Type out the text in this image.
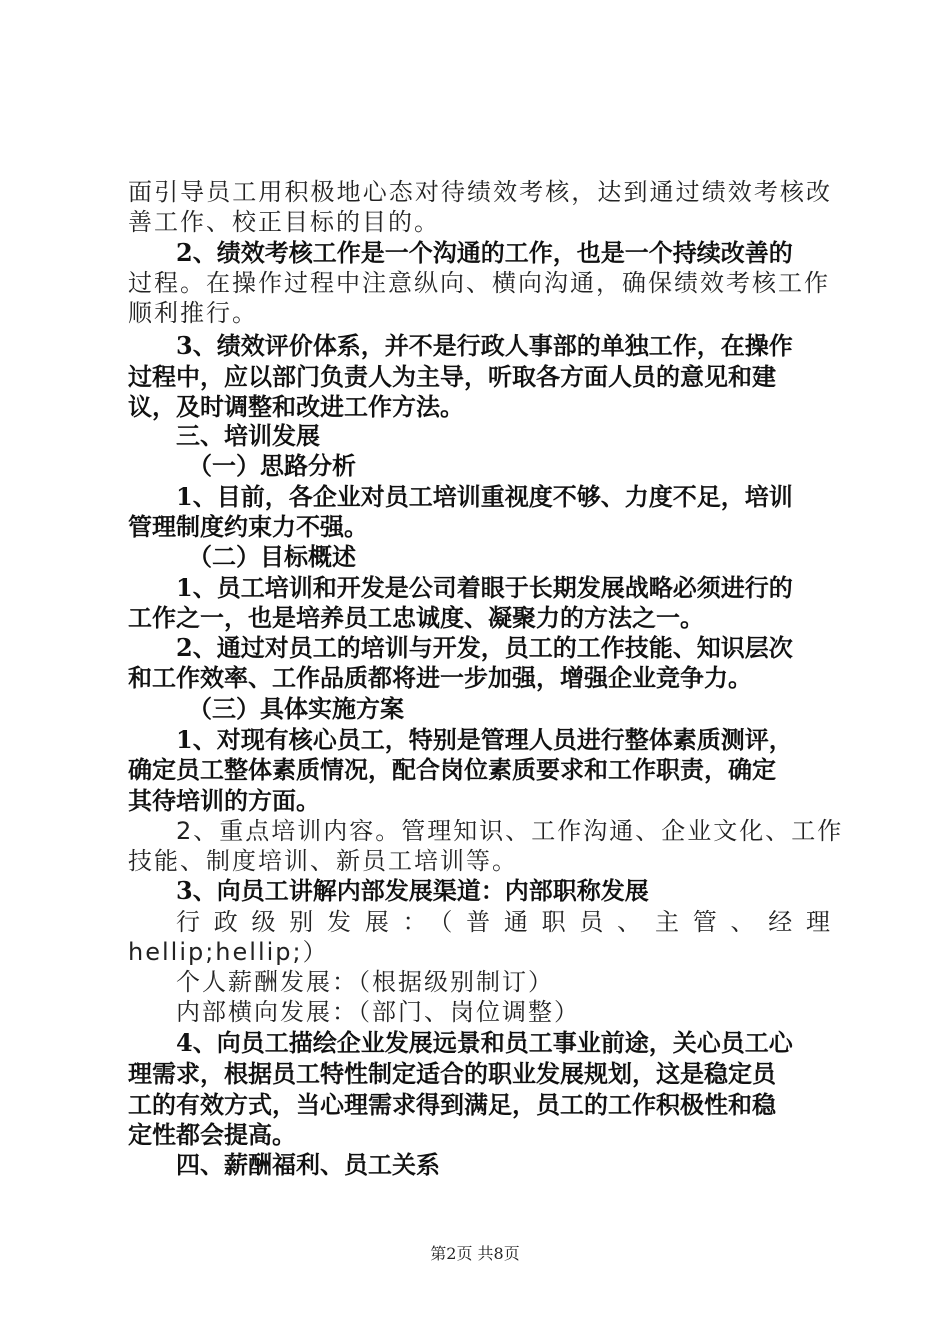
面引导员工用积极地心态对待绩效考核，达到通过绩效考核改
善工作、校正目标的目的。
2、绩效考核工作是一个沟通的工作，也是一个持续改善的
过程。在操作过程中注意纵向、横向沟通，确保绩效考核工作
顺利推行。
3、绩效评价体系，并不是行政人事部的单独工作，在操作
过程中，应以部门负责人为主导，听取各方面人员的意见和建
议，及时调整和改进工作方法。
三、培训发展
（一）思路分析
1、目前，各企业对员工培训重视度不够、力度不足，培训
管理制度约束力不强。
（二）目标概述
1、员工培训和开发是公司着眼于长期发展战略必须进行的
工作之一，也是培养员工忠诚度、凝聚力的方法之一。
2、通过对员工的培训与开发，员工的工作技能、知识层次
和工作效率、工作品质都将进一步加强，增强企业竞争力。
（三）具体实施方案
1、对现有核心员工，特别是管理人员进行整体素质测评，
确定员工整体素质情况，配合岗位素质要求和工作职责，确定
其待培训的方面。
2、重点培训内容。管理知识、工作沟通、企业文化、工作
技能、制度培训、新员工培训等。
3、向员工讲解内部发展渠道：内部职称发展
行政级别发展：（普通职员、主管、经理
hellip;hellip;）
个人薪酬发展：（根据级别制订）
内部横向发展：（部门、岗位调整）
4、向员工描绘企业发展远景和员工事业前途，关心员工心
理需求，根据员工特性制定适合的职业发展规划，这是稳定员
工的有效方式，当心理需求得到满足，员工的工作积极性和稳
定性都会提高。
四、薪酬福利、员工关系
第2页 共8页
